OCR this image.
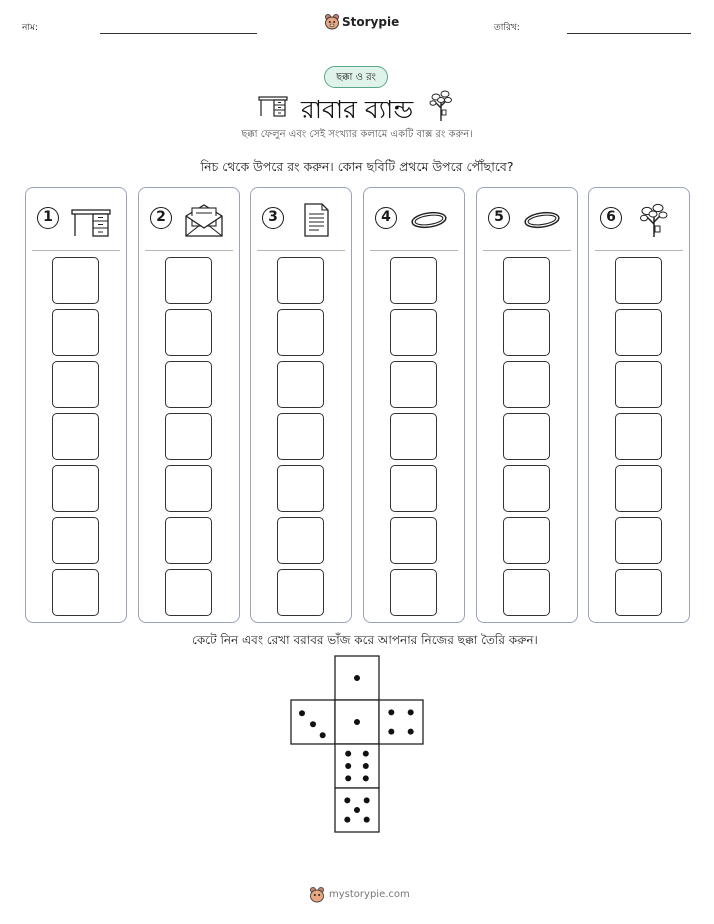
নাম:	Storypie	তারিখ:
ছক্কা ও রং
রাবার ব্যান্ড
ছক্কা ফেলুন এবং সেই সংখ্যার কলামে একটি বাক্স রং করুন।
নিচ থেকে উপরে রং করুন। কোন ছবিটি প্রথমে উপরে পৌঁছাবে?
1	2	3	4	5	6
কেটে নিন এবং রেখা বরাবর ভাঁজ করে আপনার নিজের ছক্কা তৈরি করুন।
mystorypie.com
